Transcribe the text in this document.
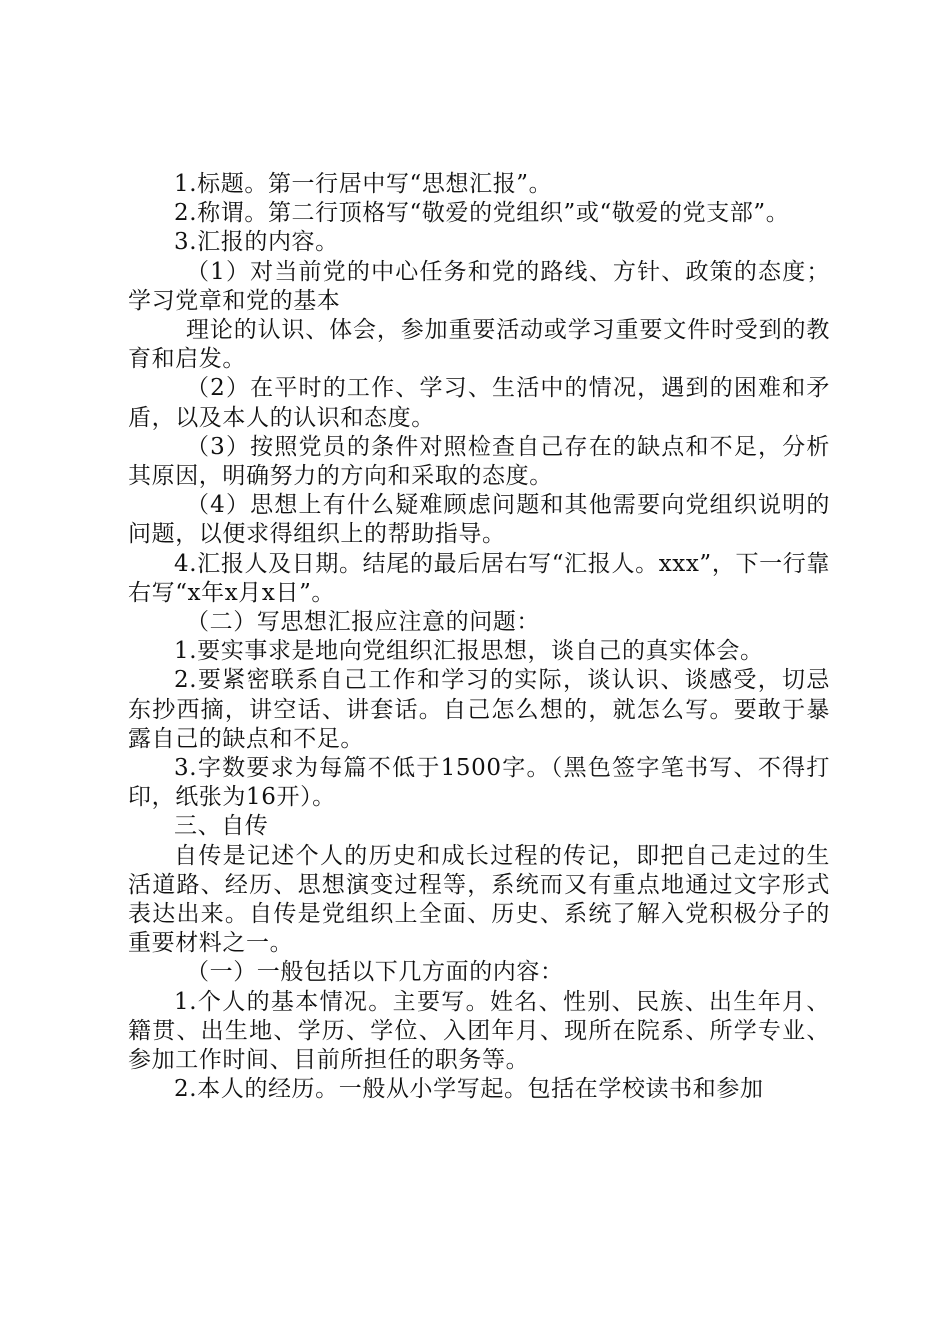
1.标题。第一行居中写“思想汇报”。

2.称谓。第二行顶格写“敬爱的党组织”或“敬爱的党支部”。

3.汇报的内容。

（1）对当前党的中心任务和党的路线、方针、政策的态度；学习党章和党的基本

理论的认识、体会，参加重要活动或学习重要文件时受到的教育和启发。

（2）在平时的工作、学习、生活中的情况，遇到的困难和矛盾，以及本人的认识和态度。

（3）按照党员的条件对照检查自己存在的缺点和不足，分析其原因，明确努力的方向和采取的态度。

（4）思想上有什么疑难顾虑问题和其他需要向党组织说明的问题，以便求得组织上的帮助指导。

4.汇报人及日期。结尾的最后居右写“汇报人。xxx”，下一行靠右写“x年x月x日”。

（二）写思想汇报应注意的问题：

1.要实事求是地向党组织汇报思想，谈自己的真实体会。

2.要紧密联系自己工作和学习的实际，谈认识、谈感受，切忌东抄西摘，讲空话、讲套话。自己怎么想的，就怎么写。要敢于暴露自己的缺点和不足。

3.字数要求为每篇不低于1500字。（黑色签字笔书写、不得打印，纸张为16开）。

三、自传

自传是记述个人的历史和成长过程的传记，即把自己走过的生活道路、经历、思想演变过程等，系统而又有重点地通过文字形式表达出来。自传是党组织上全面、历史、系统了解入党积极分子的重要材料之一。

（一）一般包括以下几方面的内容：

1.个人的基本情况。主要写。姓名、性别、民族、出生年月、籍贯、出生地、学历、学位、入团年月、现所在院系、所学专业、参加工作时间、目前所担任的职务等。

2.本人的经历。一般从小学写起。包括在学校读书和参加
